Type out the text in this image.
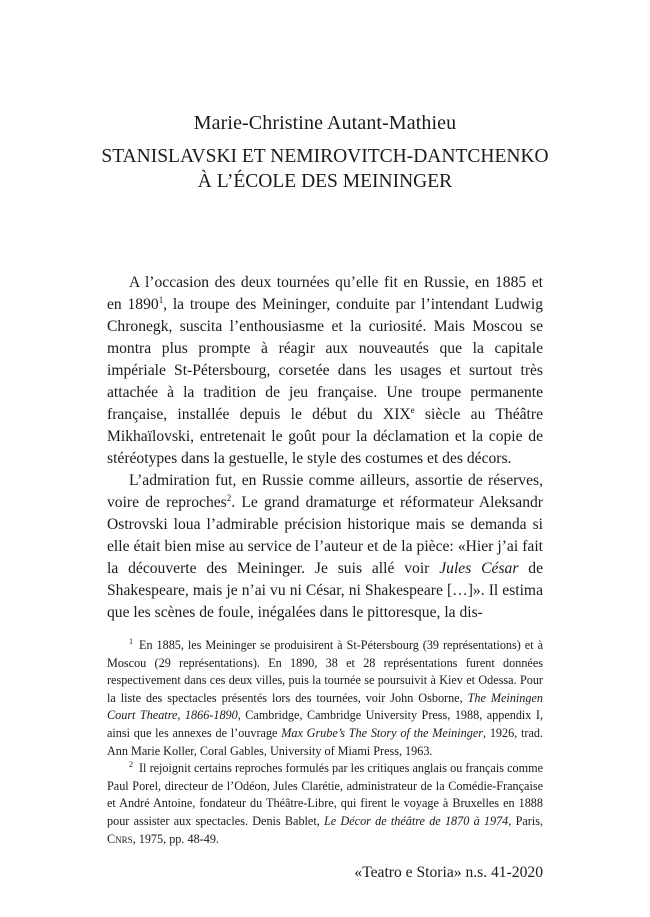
Marie-Christine Autant-Mathieu
STANISLAVSKI ET NEMIROVITCH-DANTCHENKO
À L’ÉCOLE DES MEININGER

A l’occasion des deux tournées qu’elle fit en Russie, en 1885 et en 1890$^1$, la troupe des Meininger, conduite par l’intendant Ludwig Chronegk, suscita l’enthousiasme et la curiosité. Mais Moscou se montra plus prompte à réagir aux nouveautés que la capitale impériale St-Pétersbourg, corsetée dans les usages et surtout très attachée à la tradition de jeu française. Une troupe permanente française, installée depuis le début du XIXe siècle au Théâtre Mikhaïlovski, entretenait le goût pour la déclamation et la copie de stéréotypes dans la gestuelle, le style des costumes et des décors.

L’admiration fut, en Russie comme ailleurs, assortie de réserves, voire de reproches$^2$. Le grand dramaturge et réformateur Aleksandr Ostrovski loua l’admirable précision historique mais se demanda si elle était bien mise au service de l’auteur et de la pièce: «Hier j’ai fait la découverte des Meininger. Je suis allé voir Jules César de Shakespeare, mais je n’ai vu ni César, ni Shakespeare […]». Il estima que les scènes de foule, inégalées dans le pittoresque, la dis-

$^1$ En 1885, les Meininger se produisirent à St-Pétersbourg (39 représentations) et à Moscou (29 représentations). En 1890, 38 et 28 représentations furent données respectivement dans ces deux villes, puis la tournée se poursuivit à Kiev et Odessa. Pour la liste des spectacles présentés lors des tournées, voir John Osborne, The Meiningen Court Theatre, 1866-1890, Cambridge, Cambridge University Press, 1988, appendix I, ainsi que les annexes de l’ouvrage Max Grube’s The Story of the Meininger, 1926, trad. Ann Marie Koller, Coral Gables, University of Miami Press, 1963.

$^2$ Il rejoignit certains reproches formulés par les critiques anglais ou français comme Paul Porel, directeur de l’Odéon, Jules Clarétie, administrateur de la Comédie-Française et André Antoine, fondateur du Théâtre-Libre, qui firent le voyage à Bruxelles en 1888 pour assister aux spectacles. Denis Bablet, Le Décor de théâtre de 1870 à 1974, Paris, Cnrs, 1975, pp. 48-49.

«Teatro e Storia» n.s. 41-2020
